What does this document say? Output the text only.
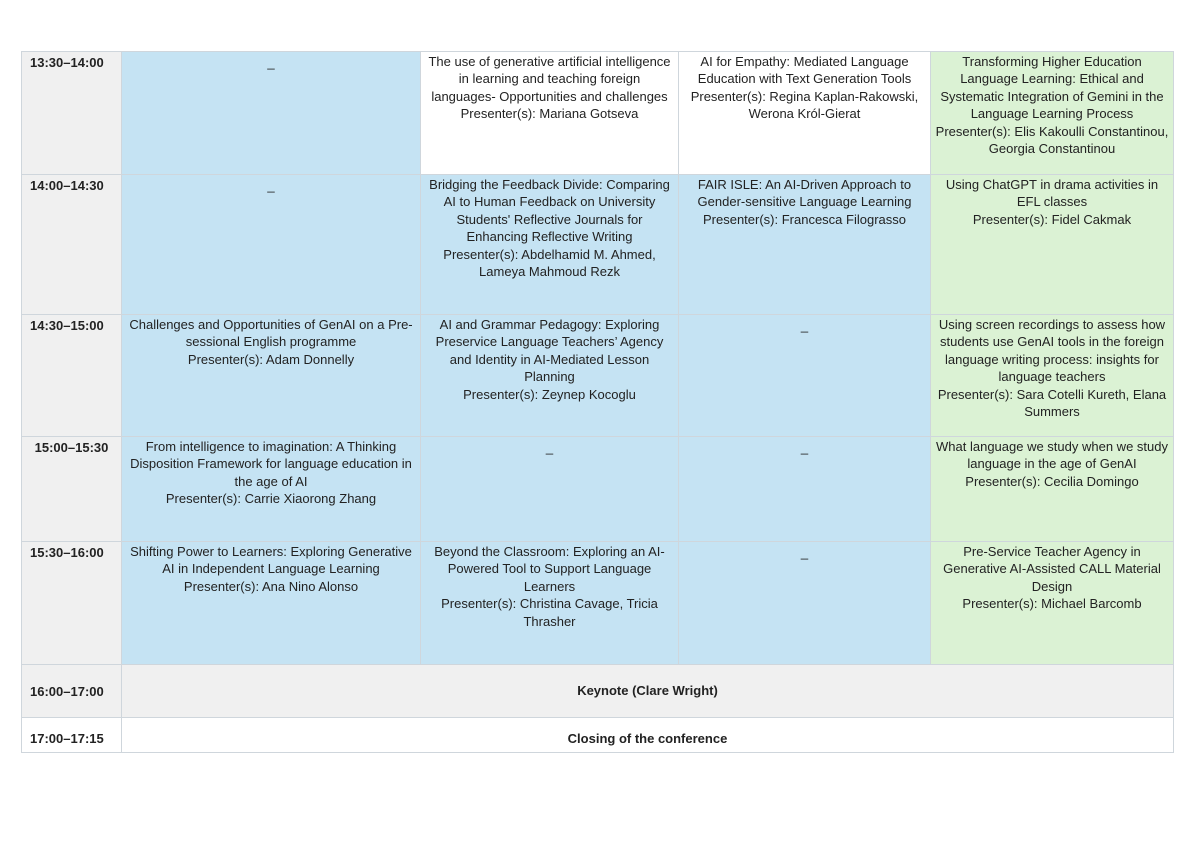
13:30–14:00	_	The use of generative artificial intelligence in learning and teaching foreign languages- Opportunities and challenges
Presenter(s): Mariana Gotseva	AI for Empathy: Mediated Language Education with Text Generation Tools
Presenter(s): Regina Kaplan-Rakowski, Werona Król-Gierat	Transforming Higher Education Language Learning: Ethical and Systematic Integration of Gemini in the Language Learning Process
Presenter(s): Elis Kakoulli Constantinou, Georgia Constantinou

14:00–14:30	_	Bridging the Feedback Divide: Comparing AI to Human Feedback on University Students' Reflective Journals for Enhancing Reflective Writing
Presenter(s): Abdelhamid M. Ahmed, Lameya Mahmoud Rezk	FAIR ISLE: An AI-Driven Approach to Gender-sensitive Language Learning
Presenter(s): Francesca Filograsso	Using ChatGPT in drama activities in EFL classes
Presenter(s): Fidel Cakmak

14:30–15:00	Challenges and Opportunities of GenAI on a Pre-sessional English programme
Presenter(s): Adam Donnelly	AI and Grammar Pedagogy: Exploring Preservice Language Teachers’ Agency and Identity in AI-Mediated Lesson Planning
Presenter(s): Zeynep Kocoglu	_	Using screen recordings to assess how students use GenAI tools in the foreign language writing process: insights for language teachers
Presenter(s): Sara Cotelli Kureth, Elana Summers

15:00–15:30	From intelligence to imagination: A Thinking Disposition Framework for language education in the age of AI
Presenter(s): Carrie Xiaorong Zhang	_	_	What language we study when we study language in the age of GenAI
Presenter(s): Cecilia Domingo

15:30–16:00	Shifting Power to Learners: Exploring Generative AI in Independent Language Learning
Presenter(s): Ana Nino Alonso	Beyond the Classroom: Exploring an AI-Powered Tool to Support Language Learners
Presenter(s): Christina Cavage, Tricia Thrasher	_	Pre-Service Teacher Agency in Generative AI-Assisted CALL Material Design
Presenter(s): Michael Barcomb

16:00–17:00	Keynote (Clare Wright)			
17:00–17:15	Closing of the conference			
